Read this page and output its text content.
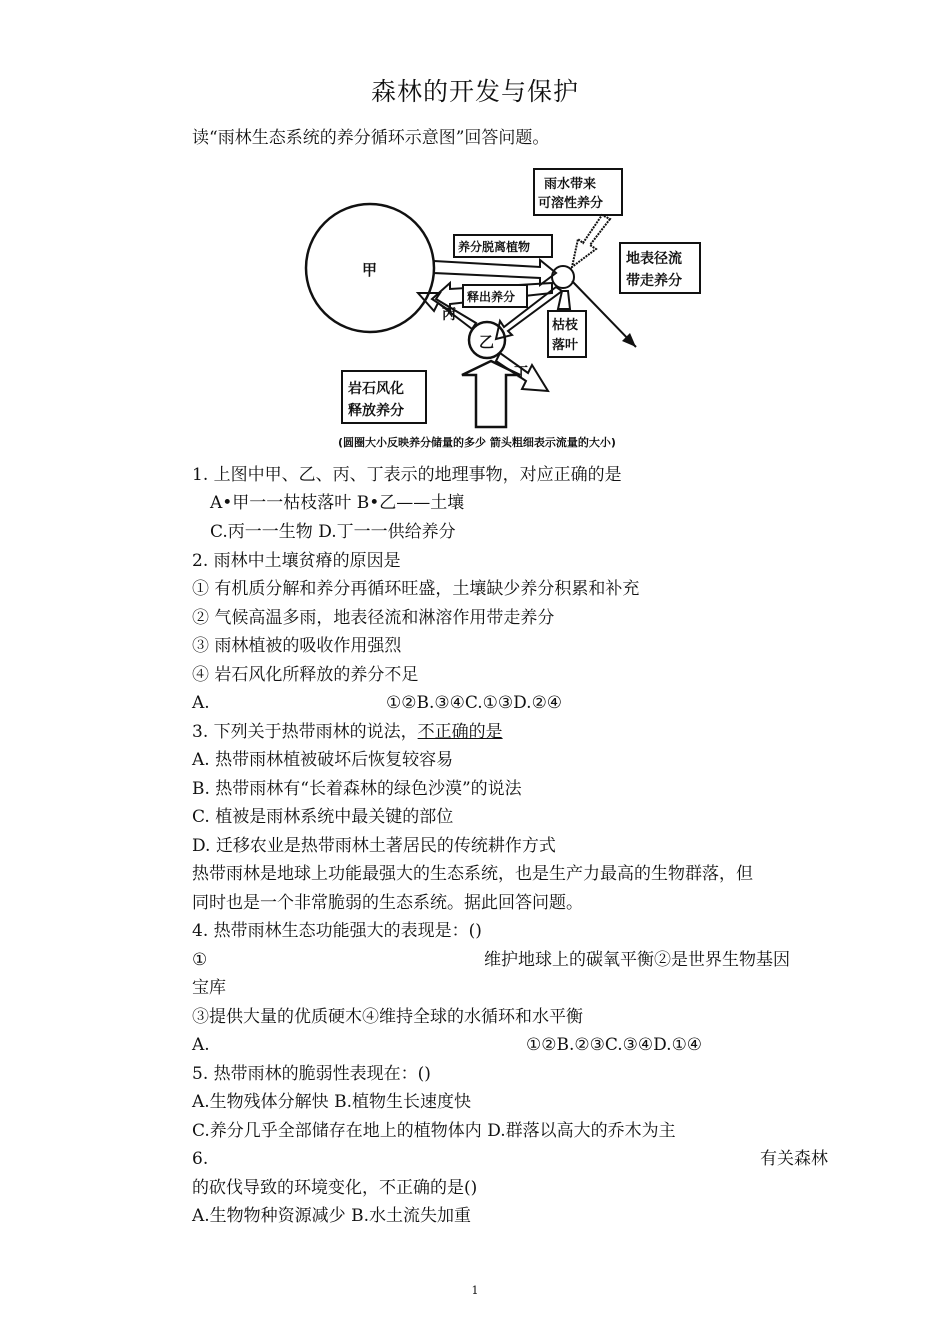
森林的开发与保护
读“雨林生态系统的养分循环示意图”回答问题。
甲
乙
养分脱离植物
释出养分
丙
丁
岩石风化
释放养分
雨水带来
可溶性养分
地表径流
带走养分
枯枝
落叶
(圆圈大小反映养分储量的多少 箭头粗细表示流量的大小)
1. 上图中甲、乙、丙、丁表示的地理事物，对应正确的是
A•甲一一枯枝落叶 B•乙——土壤
C.丙一一生物 D.丁一一供给养分
2. 雨林中土壤贫瘠的原因是
① 有机质分解和养分再循环旺盛，土壤缺少养分积累和补充
② 气候高温多雨，地表径流和淋溶作用带走养分
③ 雨林植被的吸收作用强烈
④ 岩石风化所释放的养分不足
A.	①②B.③④C.①③D.②④
3. 下列关于热带雨林的说法，不正确的是
A. 热带雨林植被破坏后恢复较容易
B. 热带雨林有“长着森林的绿色沙漠”的说法
C. 植被是雨林系统中最关键的部位
D. 迁移农业是热带雨林土著居民的传统耕作方式
热带雨林是地球上功能最强大的生态系统，也是生产力最高的生物群落，但
同时也是一个非常脆弱的生态系统。据此回答问题。
4. 热带雨林生态功能强大的表现是：()
①	维护地球上的碳氧平衡②是世界生物基因
宝库
③提供大量的优质硬木④维持全球的水循环和水平衡
A.	①②B.②③C.③④D.①④
5. 热带雨林的脆弱性表现在：()
A.生物残体分解快 B.植物生长速度快
C.养分几乎全部储存在地上的植物体内 D.群落以高大的乔木为主
6.	有关森林
的砍伐导致的环境变化，不正确的是()
A.生物物种资源减少 B.水土流失加重
1
